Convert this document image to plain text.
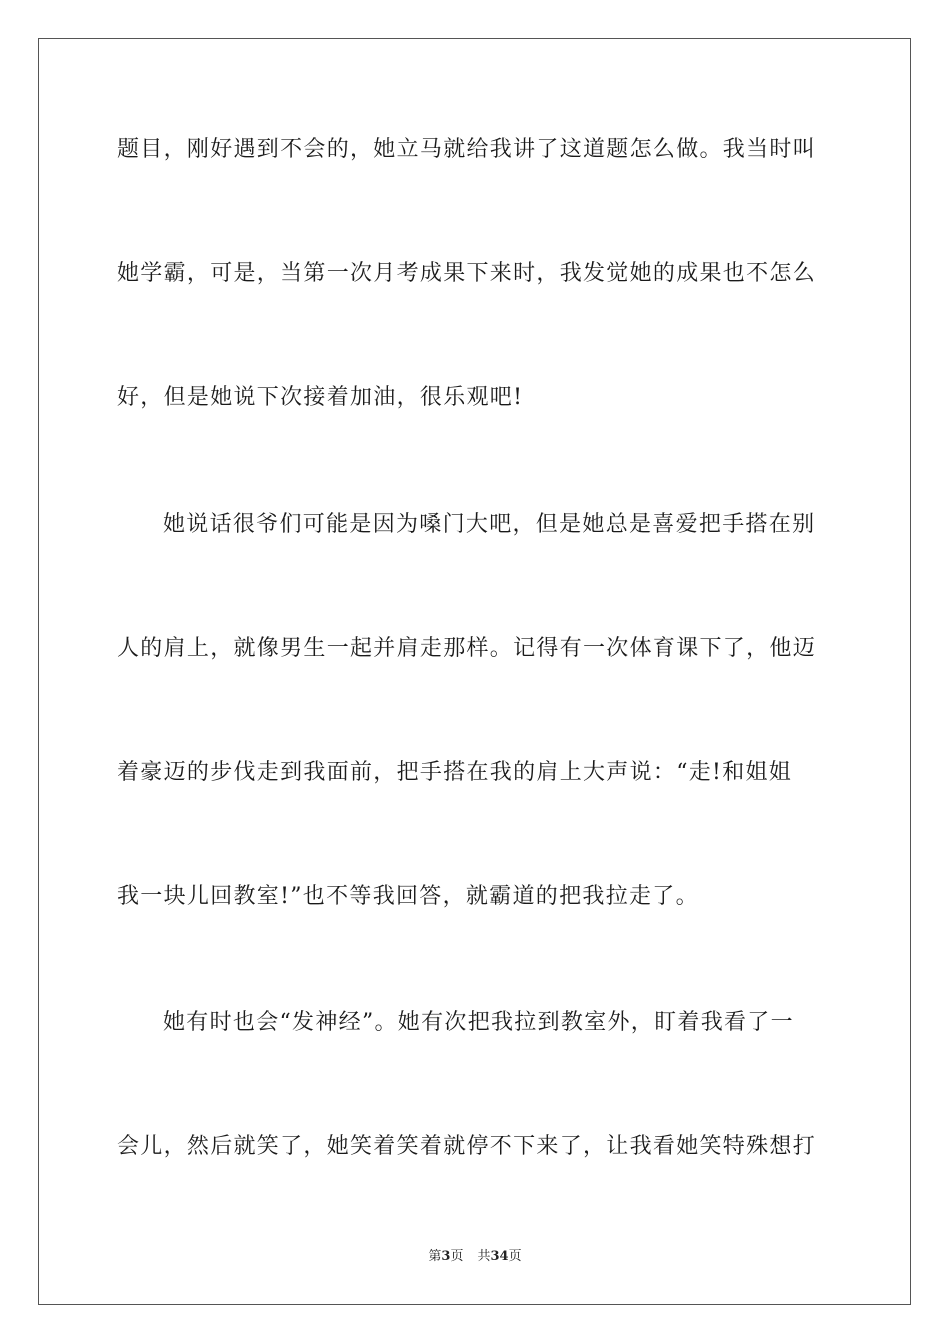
题目，刚好遇到不会的，她立马就给我讲了这道题怎么做。我当时叫
她学霸，可是，当第一次月考成果下来时，我发觉她的成果也不怎么
好，但是她说下次接着加油，很乐观吧!
她说话很爷们可能是因为嗓门大吧，但是她总是喜爱把手搭在别
人的肩上，就像男生一起并肩走那样。记得有一次体育课下了，他迈
着豪迈的步伐走到我面前，把手搭在我的肩上大声说：“走!和姐姐
我一块儿回教室!”也不等我回答，就霸道的把我拉走了。
她有时也会“发神经”。她有次把我拉到教室外，盯着我看了一
会儿，然后就笑了，她笑着笑着就停不下来了，让我看她笑特殊想打
第3页 共34页
